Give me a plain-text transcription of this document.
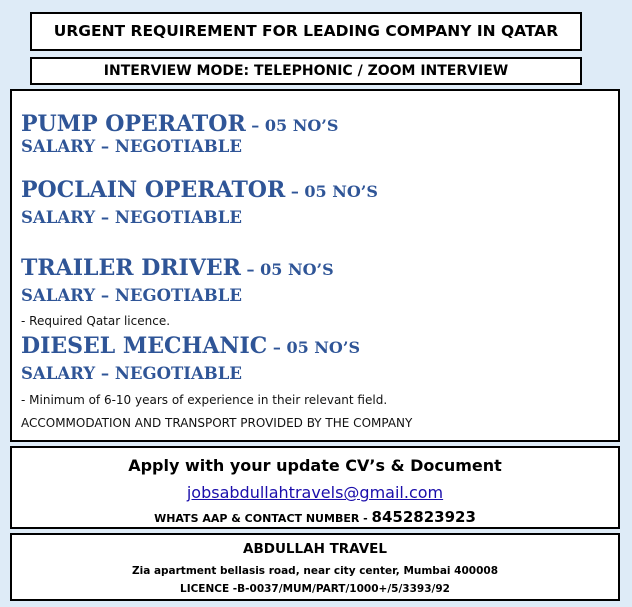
URGENT REQUIREMENT FOR LEADING COMPANY IN QATAR
INTERVIEW MODE: TELEPHONIC / ZOOM INTERVIEW
PUMP OPERATOR – 05 NO’S
SALARY – NEGOTIABLE
POCLAIN OPERATOR – 05 NO’S
SALARY – NEGOTIABLE
TRAILER DRIVER – 05 NO’S
SALARY – NEGOTIABLE
- Required Qatar licence.
DIESEL MECHANIC – 05 NO’S
SALARY – NEGOTIABLE
- Minimum of 6-10 years of experience in their relevant field.
ACCOMMODATION AND TRANSPORT PROVIDED BY THE COMPANY
Apply with your update CV’s & Document
jobsabdullahtravels@gmail.com
WHATS AAP & CONTACT NUMBER - 8452823923
ABDULLAH TRAVEL
Zia apartment bellasis road, near city center, Mumbai 400008
LICENCE -B-0037/MUM/PART/1000+/5/3393/92
